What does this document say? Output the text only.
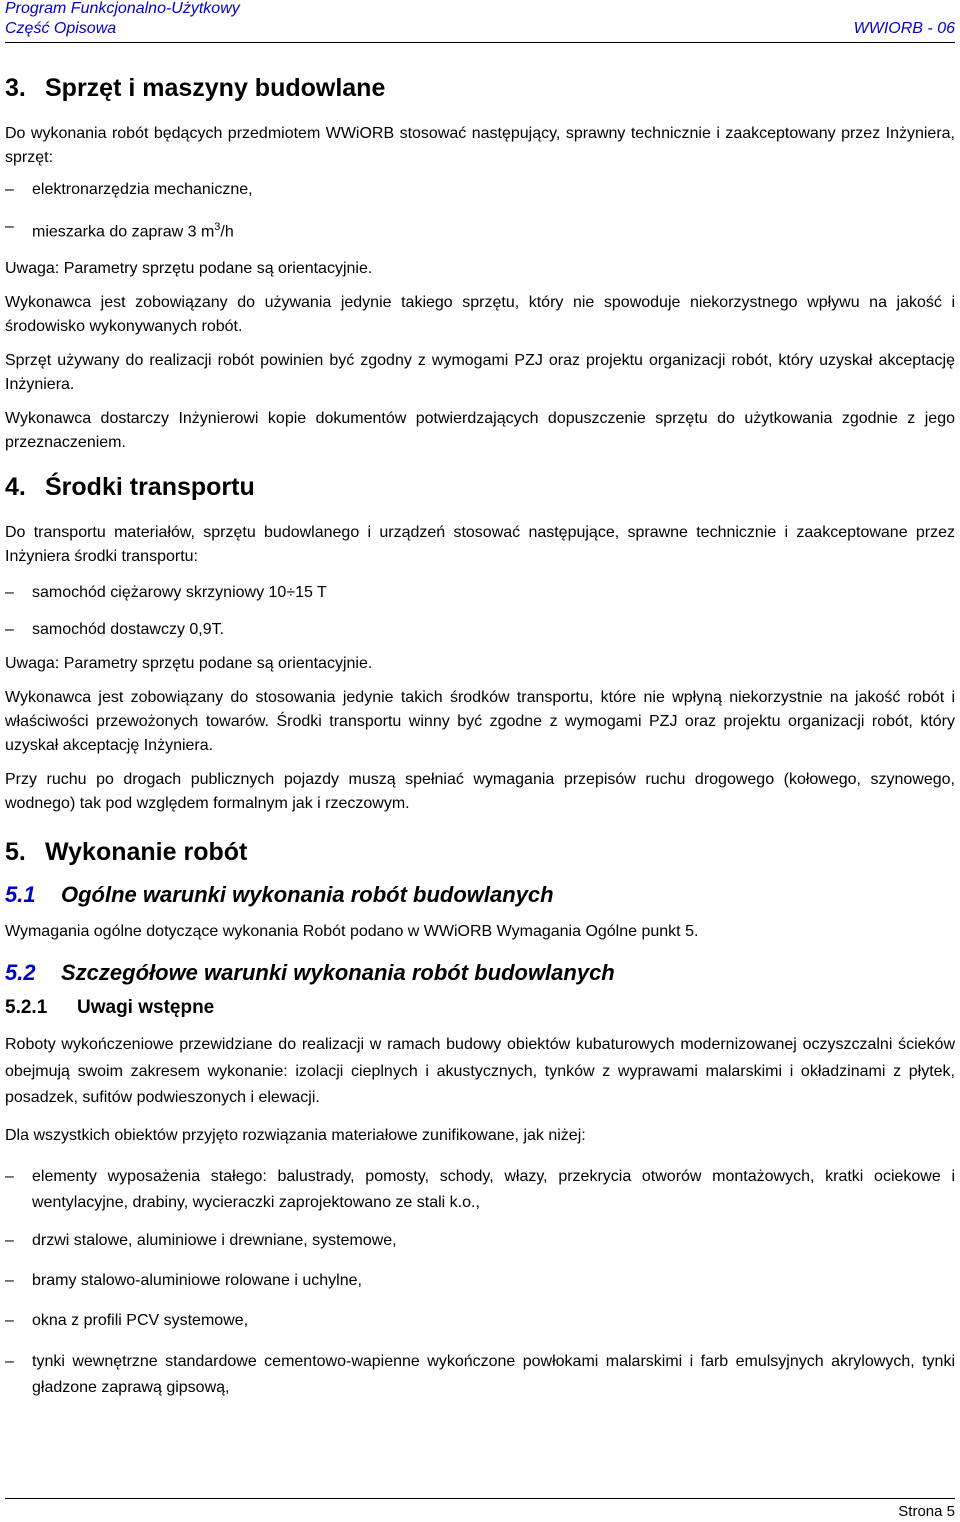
Program Funkcjonalno-Użytkowy
Część Opisowa	WWIORB - 06
3. Sprzęt i maszyny budowlane
Do wykonania robót będących przedmiotem WWiORB stosować następujący, sprawny technicznie i zaakceptowany przez Inżyniera, sprzęt:
–	elektronarzędzia mechaniczne,
–	mieszarka do zapraw 3 $m^3/h$
Uwaga: Parametry sprzętu podane są orientacyjnie.
Wykonawca jest zobowiązany do używania jedynie takiego sprzętu, który nie spowoduje niekorzystnego wpływu na jakość i środowisko wykonywanych robót.
Sprzęt używany do realizacji robót powinien być zgodny z wymogami PZJ oraz projektu organizacji robót, który uzyskał akceptację Inżyniera.
Wykonawca dostarczy Inżynierowi kopie dokumentów potwierdzających dopuszczenie sprzętu do użytkowania zgodnie z jego przeznaczeniem.
4. Środki transportu
Do transportu materiałów, sprzętu budowlanego i urządzeń stosować następujące, sprawne technicznie i zaakceptowane przez Inżyniera środki transportu:
–	samochód ciężarowy skrzyniowy 10÷15 T
–	samochód dostawczy 0,9T.
Uwaga: Parametry sprzętu podane są orientacyjnie.
Wykonawca jest zobowiązany do stosowania jedynie takich środków transportu, które nie wpłyną niekorzystnie na jakość robót i właściwości przewożonych towarów. Środki transportu winny być zgodne z wymogami PZJ oraz projektu organizacji robót, który uzyskał akceptację Inżyniera.
Przy ruchu po drogach publicznych pojazdy muszą spełniać wymagania przepisów ruchu drogowego (kołowego, szynowego, wodnego) tak pod względem formalnym jak i rzeczowym.
5. Wykonanie robót
5.1 Ogólne warunki wykonania robót budowlanych
Wymagania ogólne dotyczące wykonania Robót podano w WWiORB Wymagania Ogólne punkt 5.
5.2 Szczegółowe warunki wykonania robót budowlanych
5.2.1 Uwagi wstępne
Roboty wykończeniowe przewidziane do realizacji w ramach budowy obiektów kubaturowych modernizowanej oczyszczalni ścieków obejmują swoim zakresem wykonanie: izolacji cieplnych i akustycznych, tynków z wyprawami malarskimi i okładzinami z płytek, posadzek, sufitów podwieszonych i elewacji.
Dla wszystkich obiektów przyjęto rozwiązania materiałowe zunifikowane, jak niżej:
–	elementy wyposażenia stałego: balustrady, pomosty, schody, włazy, przekrycia otworów montażowych, kratki ociekowe i wentylacyjne, drabiny, wycieraczki zaprojektowano ze stali k.o.,
–	drzwi stalowe, aluminiowe i drewniane, systemowe,
–	bramy stalowo-aluminiowe rolowane i uchylne,
–	okna z profili PCV systemowe,
–	tynki wewnętrzne standardowe cementowo-wapienne wykończone powłokami malarskimi i farb emulsyjnych akrylowych, tynki gładzone zaprawą gipsową,
Strona 5
